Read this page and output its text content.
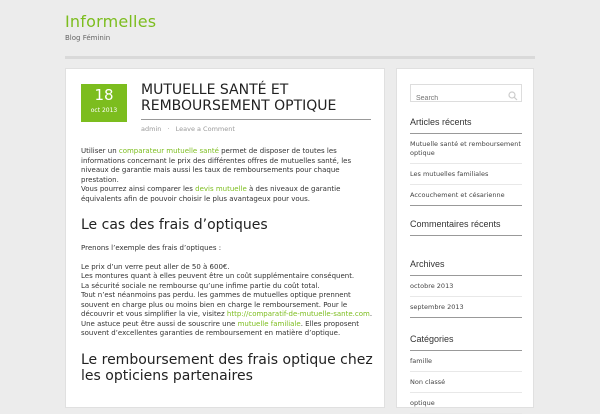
Informelles
Blog Féminin
18
oct 2013
MUTUELLE SANTÉ ET REMBOURSEMENT OPTIQUE
admin · Leave a Comment

Utiliser un comparateur mutuelle santé permet de disposer de toutes les informations concernant le prix des différentes offres de mutuelles santé, les niveaux de garantie mais aussi les taux de remboursements pour chaque prestation.
Vous pourrez ainsi comparer les devis mutuelle à des niveaux de garantie équivalents afin de pouvoir choisir le plus avantageux pour vous.

Le cas des frais d’optiques

Prenons l’exemple des frais d’optiques :

Le prix d’un verre peut aller de 50 à 600€.
Les montures quant à elles peuvent être un coût supplémentaire conséquent.
La sécurité sociale ne rembourse qu’une infime partie du coût total.
Tout n’est néanmoins pas perdu. les gammes de mutuelles optique prennent souvent en charge plus ou moins bien en charge le remboursement. Pour le découvrir et vous simplifier la vie, visitez http://comparatif-de-mutuelle-sante.com.
Une astuce peut être aussi de souscrire une mutuelle familiale. Elles proposent souvent d’excellentes garanties de remboursement en matière d’optique.

Le remboursement des frais optique chez les opticiens partenaires
Search
Articles récents
Mutuelle santé et remboursement optique
Les mutuelles familiales
Accouchement et césarienne
Commentaires récents
Archives
octobre 2013
septembre 2013
Catégories
famille
Non classé
optique
